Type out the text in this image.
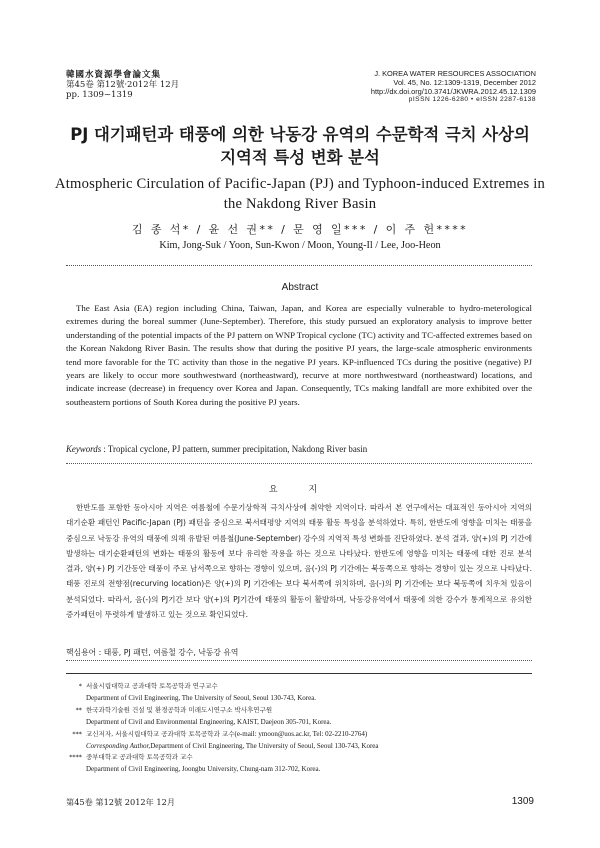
韓國水資源學會論文集
第45卷 第12號·2012年 12月
pp. 1309~1319
J. KOREA WATER RESOURCES ASSOCIATION
Vol. 45, No. 12:1309-1319, December 2012
http://dx.doi.org/10.3741/JKWRA.2012.45.12.1309
pISSN 1226-6280 • eISSN 2287-6138
PJ 대기패턴과 태풍에 의한 낙동강 유역의 수문학적 극치 사상의
지역적 특성 변화 분석
Atmospheric Circulation of Pacific-Japan (PJ) and Typhoon-induced Extremes in
the Nakdong River Basin
김 종 석* / 윤 선 권** / 문 영 일*** / 이 주 헌****
Kim, Jong-Suk / Yoon, Sun-Kwon / Moon, Young-Il / Lee, Joo-Heon
Abstract

The East Asia (EA) region including China, Taiwan, Japan, and Korea are especially vulnerable to hydro-meterological extremes during the boreal summer (June-September). Therefore, this study pursued an exploratory analysis to improve better understanding of the potential impacts of the PJ pattern on WNP Tropical cyclone (TC) activity and TC-affected extremes based on the Korean Nakdong River Basin. The results show that during the positive PJ years, the large-scale atmospheric environments tend more favorable for the TC activity than those in the negative PJ years. KP-influenced TCs during the positive (negative) PJ years are likely to occur more southwestward (northeastward), recurve at more northwestward (northeastward) locations, and indicate increase (decrease) in frequency over Korea and Japan. Consequently, TCs making landfall are more exhibited over the southeastern portions of South Korea during the positive PJ years.

Keywords : Tropical cyclone, PJ pattern, summer precipitation, Nakdong River basin
요 지

한반도를 포함한 동아시아 지역은 여름철에 수문기상학적 극치사상에 취약한 지역이다. 따라서 본 연구에서는 대표적인 동아시아 지역의 대기순환 패턴인 Pacific-Japan (PJ) 패턴을 중심으로 북서태평양 지역의 태풍 활동 특성을 분석하였다. 특히, 한반도에 영향을 미치는 태풍을 중심으로 낙동강 유역의 태풍에 의해 유발된 여름철(June-September) 강수의 지역적 특성 변화를 진단하였다. 분석 결과, 양(+)의 PJ 기간에 발생하는 대기순환패턴의 변화는 태풍의 활동에 보다 유리한 작용을 하는 것으로 나타났다. 한반도에 영향을 미치는 태풍에 대한 진로 분석 결과, 양(+) PJ 기간동안 태풍이 주로 남서쪽으로 향하는 경향이 있으며, 음(-)의 PJ 기간에는 북동쪽으로 향하는 경향이 있는 것으로 나타났다. 태풍 진로의 전향점(recurving location)은 양(+)의 PJ 기간에는 보다 북서쪽에 위치하며, 음(-)의 PJ 기간에는 보다 북동쪽에 치우쳐 있음이 분석되었다. 따라서, 음(-)의 PJ기간 보다 양(+)의 PJ기간에 태풍의 활동이 활발하며, 낙동강유역에서 태풍에 의한 강수가 통계적으로 유의한 증가패턴이 뚜렷하게 발생하고 있는 것으로 확인되었다.

핵심용어 : 태풍, PJ 패턴, 여름철 강수, 낙동강 유역
* 서울시립대학교 공과대학 토목공학과 연구교수
Department of Civil Engineering, The University of Seoul, Seoul 130-743, Korea.
** 한국과학기술원 건설 및 환경공학과 미래도시연구소 박사후연구원
Department of Civil and Environmental Engineering, KAIST, Daejeon 305-701, Korea.
*** 교신저자, 서울시립대학교 공과대학 토목공학과 교수 (e-mail: ymoon@uos.ac.kr, Tel: 02-2210-2764)
Corresponding Author, Department of Civil Engineering, The University of Seoul, Seoul 130-743, Korea
**** 중부대학교 공과대학 토목공학과 교수
Department of Civil Engineering, Joongbu University, Chung-nam 312-702, Korea.
第45卷 第12號 2012年 12月	1309
